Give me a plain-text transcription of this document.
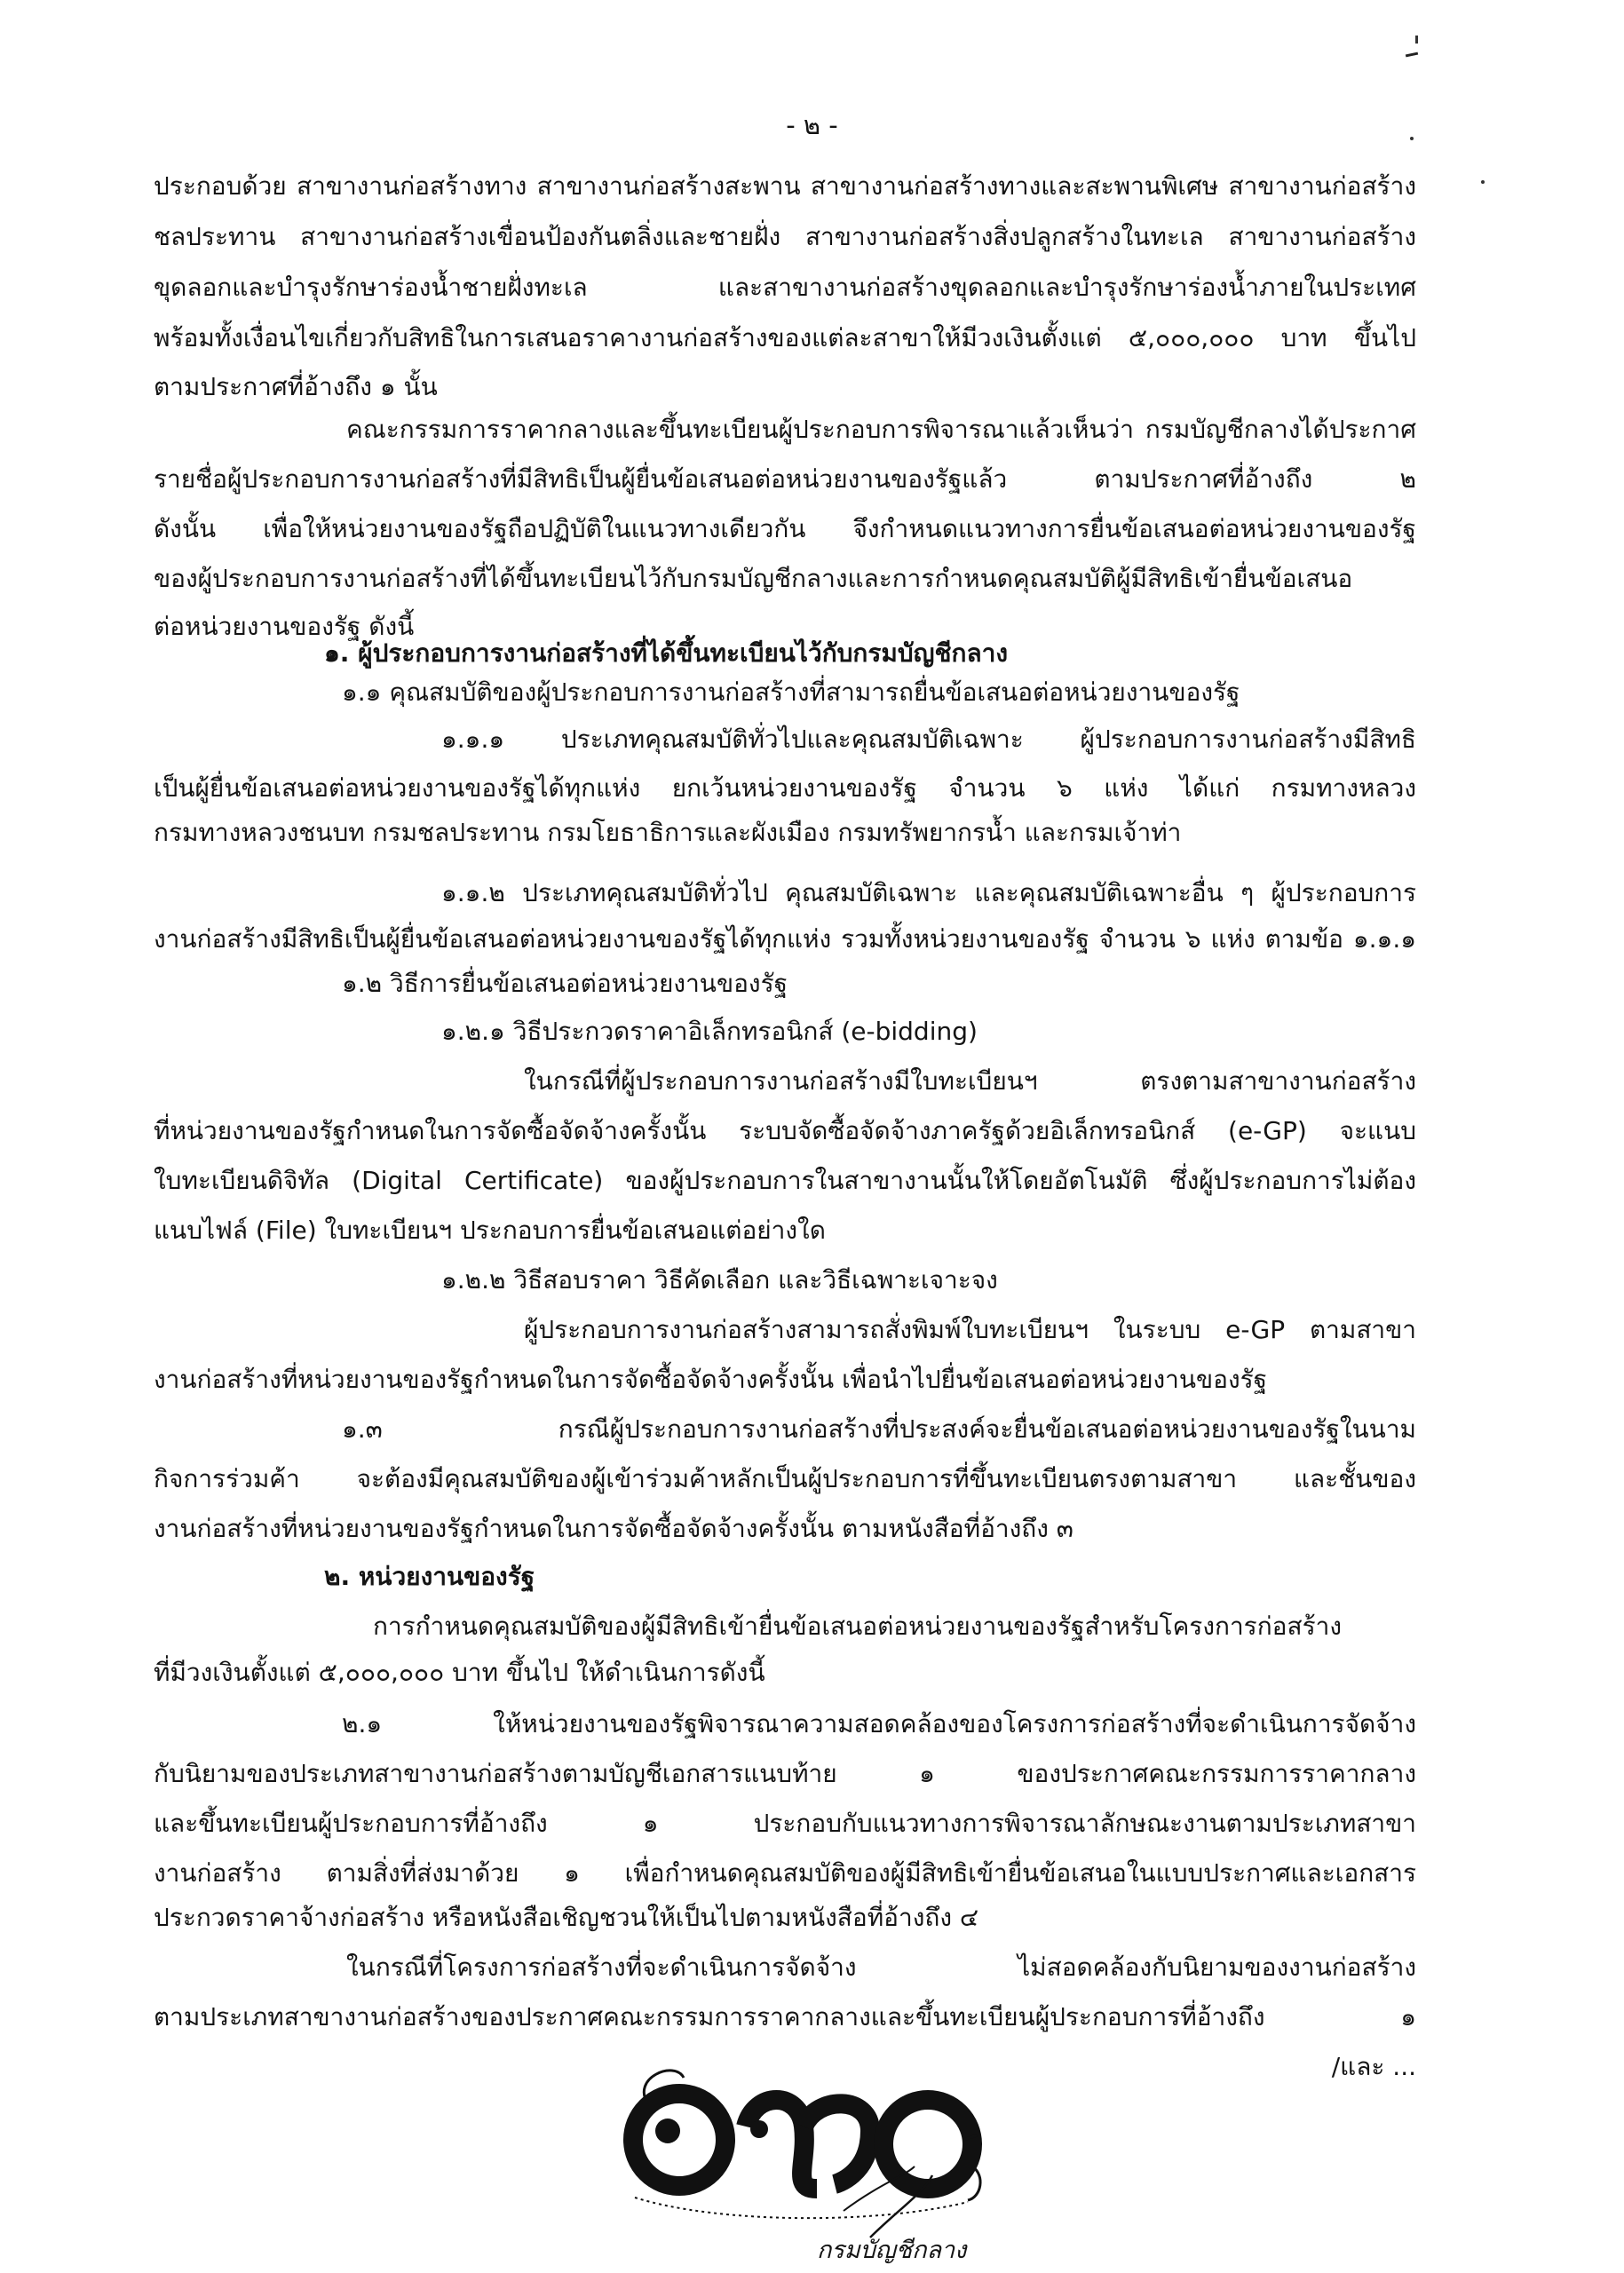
- ๒ -
ประกอบด้วย สาขางานก่อสร้างทาง สาขางานก่อสร้างสะพาน สาขางานก่อสร้างทางและสะพานพิเศษ สาขางานก่อสร้าง
ชลประทาน สาขางานก่อสร้างเขื่อนป้องกันตลิ่งและชายฝั่ง สาขางานก่อสร้างสิ่งปลูกสร้างในทะเล สาขางานก่อสร้าง
ขุดลอกและบำรุงรักษาร่องน้ำชายฝั่งทะเล และสาขางานก่อสร้างขุดลอกและบำรุงรักษาร่องน้ำภายในประเทศ
พร้อมทั้งเงื่อนไขเกี่ยวกับสิทธิในการเสนอราคางานก่อสร้างของแต่ละสาขาให้มีวงเงินตั้งแต่ ๕,๐๐๐,๐๐๐ บาท ขึ้นไป
ตามประกาศที่อ้างถึง ๑ นั้น
คณะกรรมการราคากลางและขึ้นทะเบียนผู้ประกอบการพิจารณาแล้วเห็นว่า กรมบัญชีกลางได้ประกาศ
รายชื่อผู้ประกอบการงานก่อสร้างที่มีสิทธิเป็นผู้ยื่นข้อเสนอต่อหน่วยงานของรัฐแล้ว ตามประกาศที่อ้างถึง ๒
ดังนั้น เพื่อให้หน่วยงานของรัฐถือปฏิบัติในแนวทางเดียวกัน จึงกำหนดแนวทางการยื่นข้อเสนอต่อหน่วยงานของรัฐ
ของผู้ประกอบการงานก่อสร้างที่ได้ขึ้นทะเบียนไว้กับกรมบัญชีกลางและการกำหนดคุณสมบัติผู้มีสิทธิเข้ายื่นข้อเสนอ
ต่อหน่วยงานของรัฐ ดังนี้
๑. ผู้ประกอบการงานก่อสร้างที่ได้ขึ้นทะเบียนไว้กับกรมบัญชีกลาง
๑.๑ คุณสมบัติของผู้ประกอบการงานก่อสร้างที่สามารถยื่นข้อเสนอต่อหน่วยงานของรัฐ
๑.๑.๑ ประเภทคุณสมบัติทั่วไปและคุณสมบัติเฉพาะ ผู้ประกอบการงานก่อสร้างมีสิทธิ
เป็นผู้ยื่นข้อเสนอต่อหน่วยงานของรัฐได้ทุกแห่ง ยกเว้นหน่วยงานของรัฐ จำนวน ๖ แห่ง ได้แก่ กรมทางหลวง
กรมทางหลวงชนบท กรมชลประทาน กรมโยธาธิการและผังเมือง กรมทรัพยากรน้ำ และกรมเจ้าท่า
๑.๑.๒ ประเภทคุณสมบัติทั่วไป คุณสมบัติเฉพาะ และคุณสมบัติเฉพาะอื่น ๆ ผู้ประกอบการ
งานก่อสร้างมีสิทธิเป็นผู้ยื่นข้อเสนอต่อหน่วยงานของรัฐได้ทุกแห่ง รวมทั้งหน่วยงานของรัฐ จำนวน ๖ แห่ง ตามข้อ ๑.๑.๑
๑.๒ วิธีการยื่นข้อเสนอต่อหน่วยงานของรัฐ
๑.๒.๑ วิธีประกวดราคาอิเล็กทรอนิกส์ (e-bidding)
ในกรณีที่ผู้ประกอบการงานก่อสร้างมีใบทะเบียนฯ ตรงตามสาขางานก่อสร้าง
ที่หน่วยงานของรัฐกำหนดในการจัดซื้อจัดจ้างครั้งนั้น ระบบจัดซื้อจัดจ้างภาครัฐด้วยอิเล็กทรอนิกส์ (e-GP) จะแนบ
ใบทะเบียนดิจิทัล (Digital Certificate) ของผู้ประกอบการในสาขางานนั้นให้โดยอัตโนมัติ ซึ่งผู้ประกอบการไม่ต้อง
แนบไฟล์ (File) ใบทะเบียนฯ ประกอบการยื่นข้อเสนอแต่อย่างใด
๑.๒.๒ วิธีสอบราคา วิธีคัดเลือก และวิธีเฉพาะเจาะจง
ผู้ประกอบการงานก่อสร้างสามารถสั่งพิมพ์ใบทะเบียนฯ ในระบบ e-GP ตามสาขา
งานก่อสร้างที่หน่วยงานของรัฐกำหนดในการจัดซื้อจัดจ้างครั้งนั้น เพื่อนำไปยื่นข้อเสนอต่อหน่วยงานของรัฐ
๑.๓ กรณีผู้ประกอบการงานก่อสร้างที่ประสงค์จะยื่นข้อเสนอต่อหน่วยงานของรัฐในนาม
กิจการร่วมค้า จะต้องมีคุณสมบัติของผู้เข้าร่วมค้าหลักเป็นผู้ประกอบการที่ขึ้นทะเบียนตรงตามสาขา และชั้นของ
งานก่อสร้างที่หน่วยงานของรัฐกำหนดในการจัดซื้อจัดจ้างครั้งนั้น ตามหนังสือที่อ้างถึง ๓
๒. หน่วยงานของรัฐ
การกำหนดคุณสมบัติของผู้มีสิทธิเข้ายื่นข้อเสนอต่อหน่วยงานของรัฐสำหรับโครงการก่อสร้าง
ที่มีวงเงินตั้งแต่ ๕,๐๐๐,๐๐๐ บาท ขึ้นไป ให้ดำเนินการดังนี้
๒.๑ ให้หน่วยงานของรัฐพิจารณาความสอดคล้องของโครงการก่อสร้างที่จะดำเนินการจัดจ้าง
กับนิยามของประเภทสาขางานก่อสร้างตามบัญชีเอกสารแนบท้าย ๑ ของประกาศคณะกรรมการราคากลาง
และขึ้นทะเบียนผู้ประกอบการที่อ้างถึง ๑ ประกอบกับแนวทางการพิจารณาลักษณะงานตามประเภทสาขา
งานก่อสร้าง ตามสิ่งที่ส่งมาด้วย ๑ เพื่อกำหนดคุณสมบัติของผู้มีสิทธิเข้ายื่นข้อเสนอในแบบประกาศและเอกสาร
ประกวดราคาจ้างก่อสร้าง หรือหนังสือเชิญชวนให้เป็นไปตามหนังสือที่อ้างถึง ๔
ในกรณีที่โครงการก่อสร้างที่จะดำเนินการจัดจ้าง ไม่สอดคล้องกับนิยามของงานก่อสร้าง
ตามประเภทสาขางานก่อสร้างของประกาศคณะกรรมการราคากลางและขึ้นทะเบียนผู้ประกอบการที่อ้างถึง ๑
/และ ...
กรมบัญชีกลาง
